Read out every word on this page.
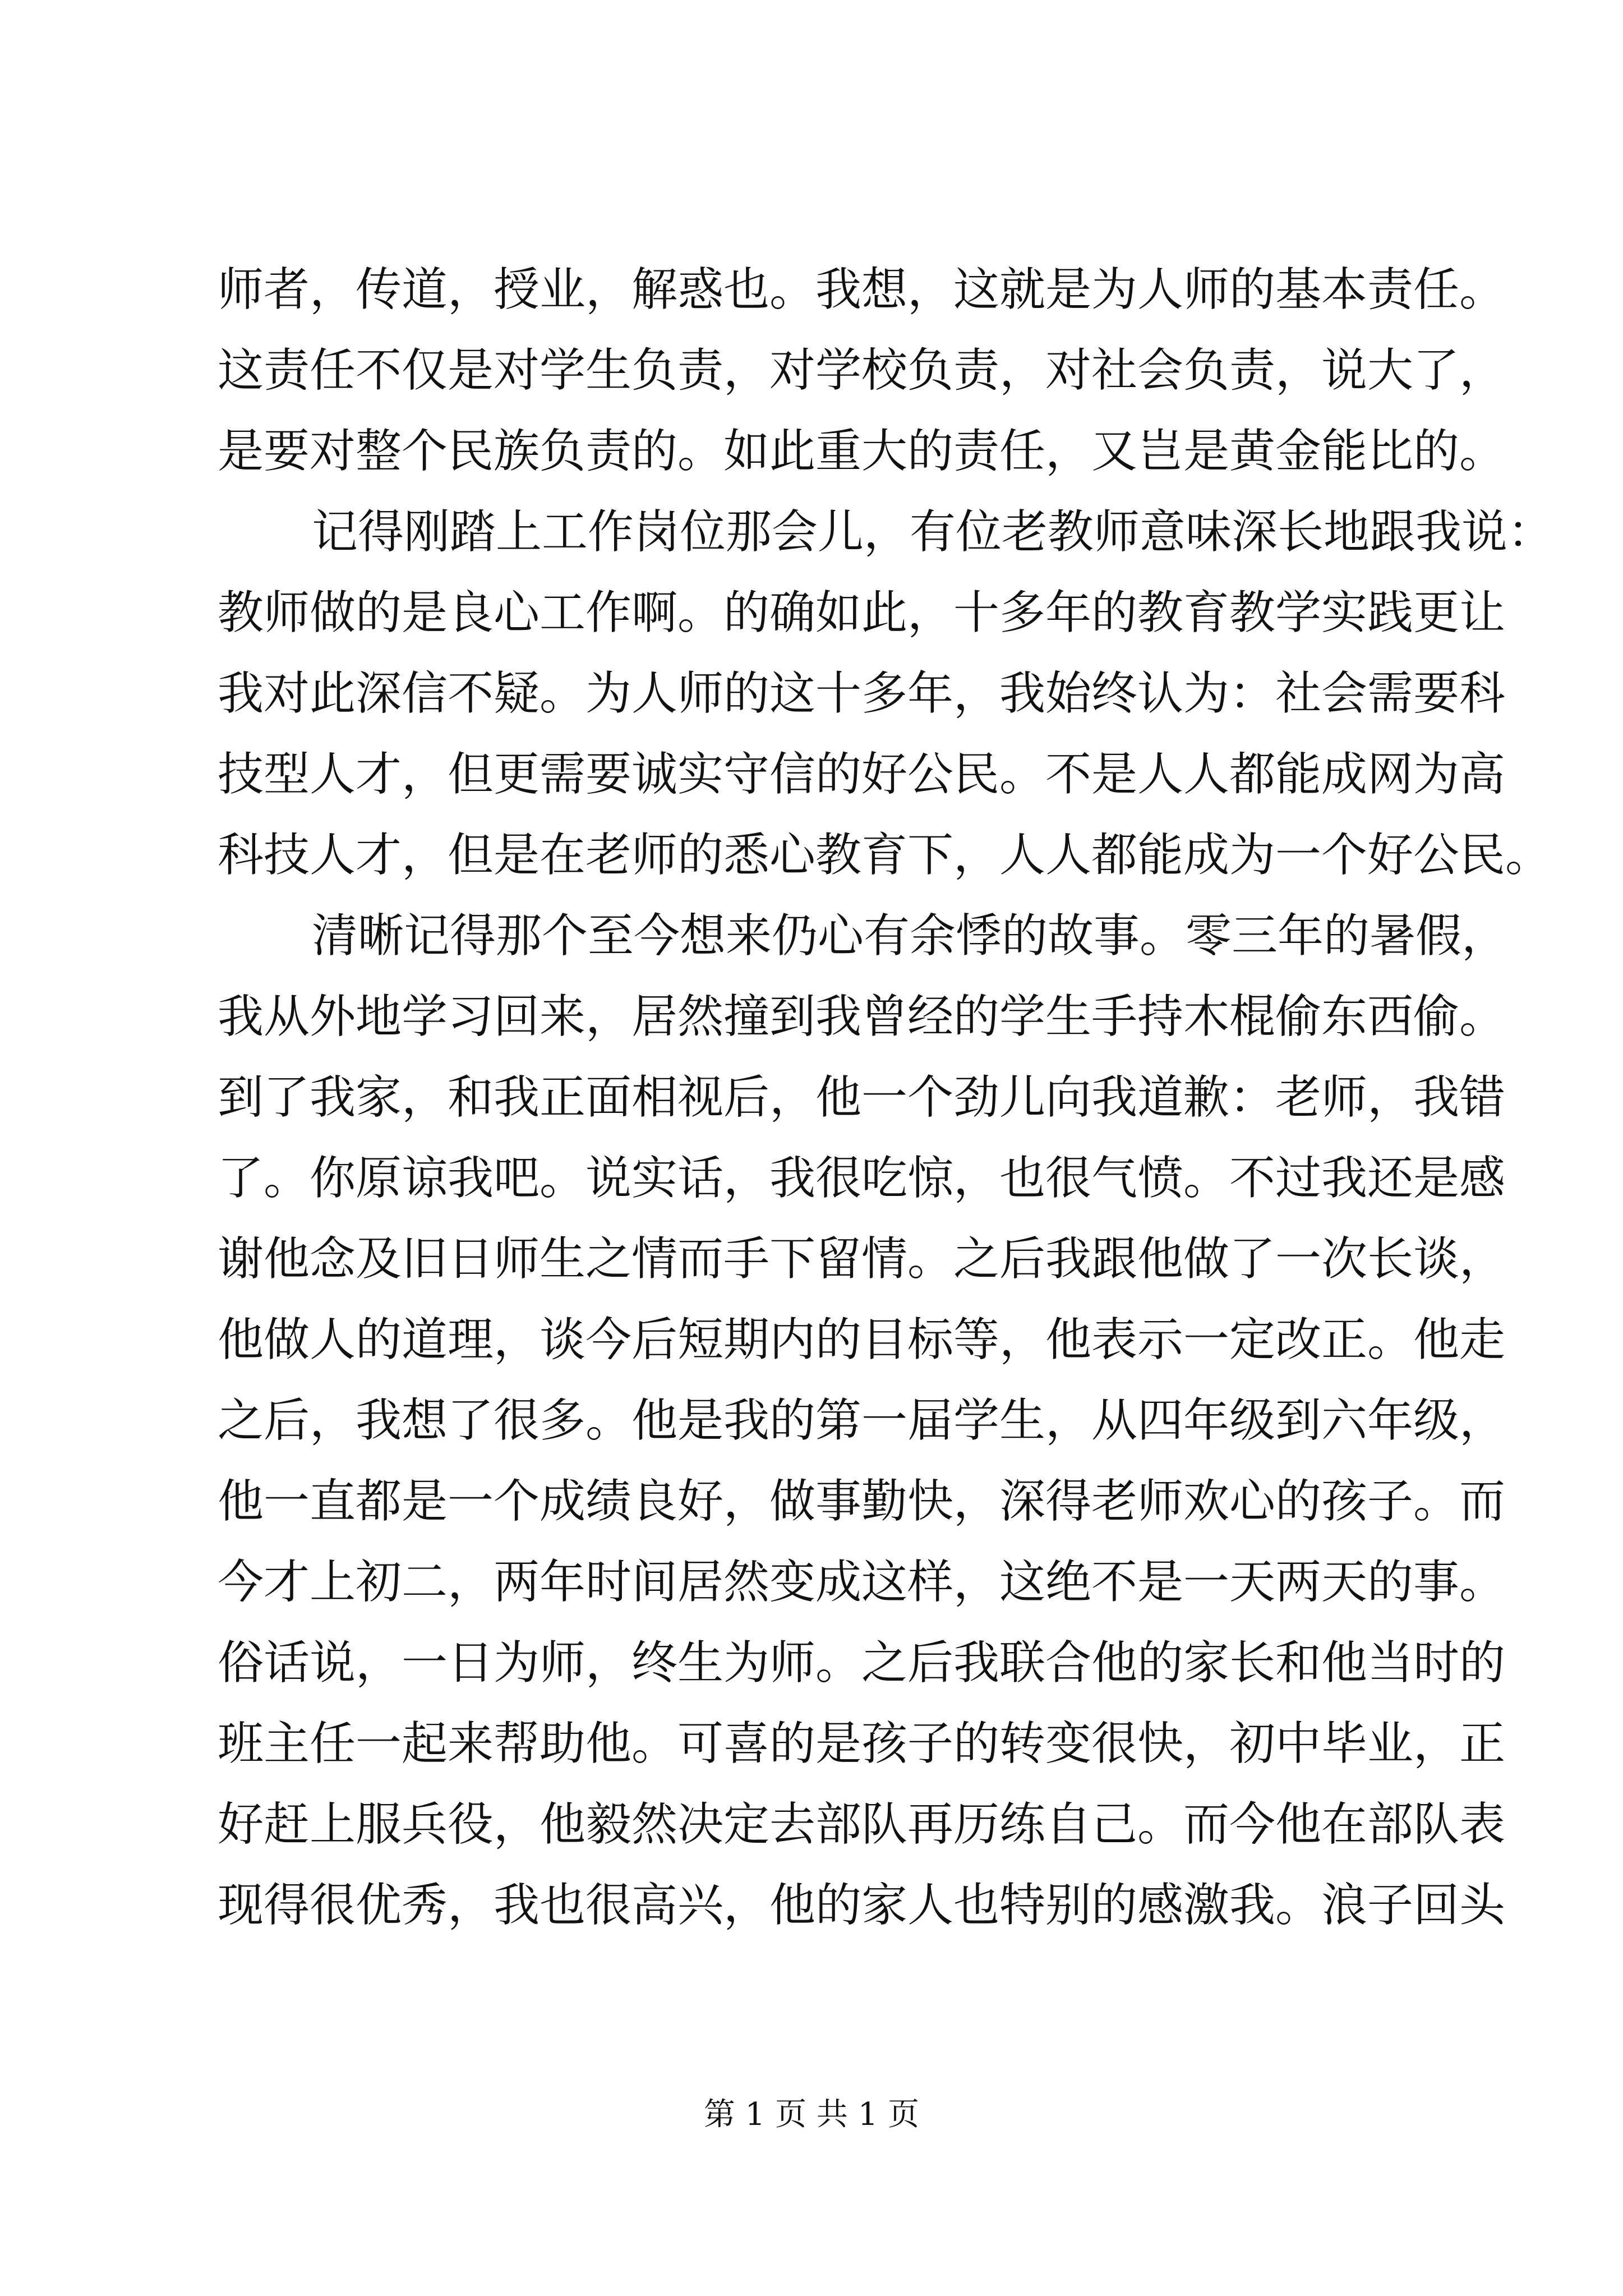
师者，传道，授业，解惑也。我想，这就是为人师的基本责任。
这责任不仅是对学生负责，对学校负责，对社会负责，说大了，
是要对整个民族负责的。如此重大的责任，又岂是黄金能比的。
记得刚踏上工作岗位那会儿，有位老教师意味深长地跟我说：
教师做的是良心工作啊。的确如此，十多年的教育教学实践更让
我对此深信不疑。为人师的这十多年，我始终认为：社会需要科
技型人才，但更需要诚实守信的好公民。不是人人都能成网为高
科技人才，但是在老师的悉心教育下，人人都能成为一个好公民。
清晰记得那个至今想来仍心有余悸的故事。零三年的暑假，
我从外地学习回来，居然撞到我曾经的学生手持木棍偷东西偷。
到了我家，和我正面相视后，他一个劲儿向我道歉：老师，我错
了。你原谅我吧。说实话，我很吃惊，也很气愤。不过我还是感
谢他念及旧日师生之情而手下留情。之后我跟他做了一次长谈，
他做人的道理，谈今后短期内的目标等，他表示一定改正。他走
之后，我想了很多。他是我的第一届学生，从四年级到六年级，
他一直都是一个成绩良好，做事勤快，深得老师欢心的孩子。而
今才上初二，两年时间居然变成这样，这绝不是一天两天的事。
俗话说，一日为师，终生为师。之后我联合他的家长和他当时的
班主任一起来帮助他。可喜的是孩子的转变很快，初中毕业，正
好赶上服兵役，他毅然决定去部队再历练自己。而今他在部队表
现得很优秀，我也很高兴，他的家人也特别的感激我。浪子回头
第 1 页 共 1 页
